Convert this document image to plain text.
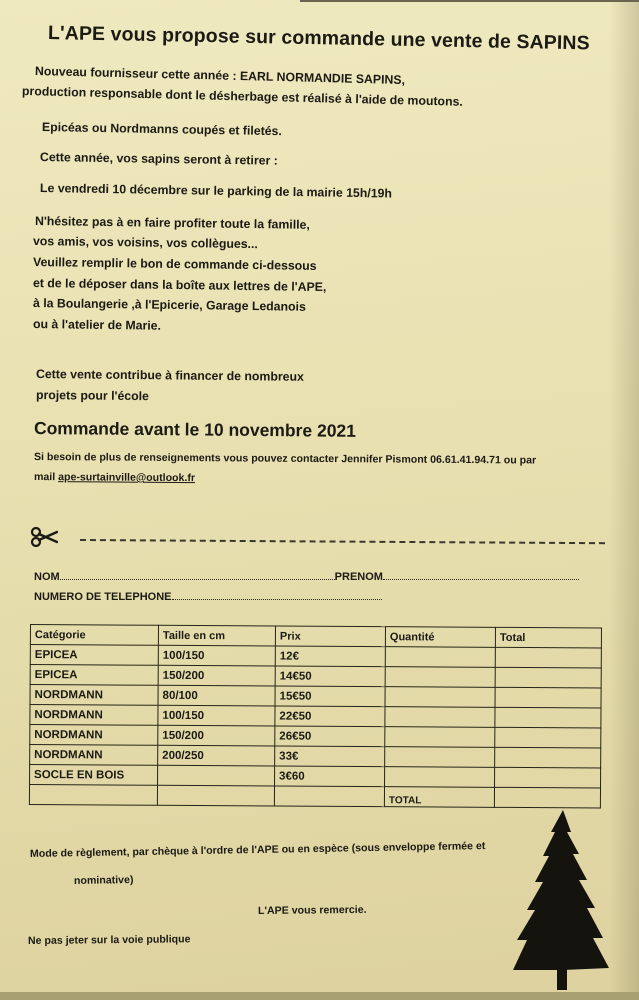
L'APE vous propose sur commande une vente de SAPINS
Nouveau fournisseur cette année : EARL NORMANDIE SAPINS,
production responsable dont le désherbage est réalisé à l'aide de moutons.
Epicéas ou Nordmanns coupés et filetés.
Cette année, vos sapins seront à retirer :
Le vendredi 10 décembre sur le parking de la mairie 15h/19h
N'hésitez pas à en faire profiter toute la famille,
vos amis, vos voisins, vos collègues...
Veuillez remplir le bon de commande ci-dessous
et de le déposer dans la boîte aux lettres de l'APE,
à la Boulangerie ,à l'Epicerie, Garage Ledanois
ou à l'atelier de Marie.
Cette vente contribue à financer de nombreux
projets pour l'école
Commande avant le 10 novembre 2021
Si besoin de plus de renseignements vous pouvez contacter Jennifer Pismont 06.61.41.94.71 ou par
mail ape-surtainville@outlook.fr
NOM	PRENOM
NUMERO DE TELEPHONE
Catégorie	Taille en cm	Prix	Quantité	Total
EPICEA	100/150	12€		
EPICEA	150/200	14€50		
NORDMANN	80/100	15€50		
NORDMANN	100/150	22€50		
NORDMANN	150/200	26€50		
NORDMANN	200/250	33€		
SOCLE EN BOIS		3€60		
			TOTAL	
Mode de règlement, par chèque à l'ordre de l'APE ou en espèce (sous enveloppe fermée et
nominative)
L'APE vous remercie.
Ne pas jeter sur la voie publique
